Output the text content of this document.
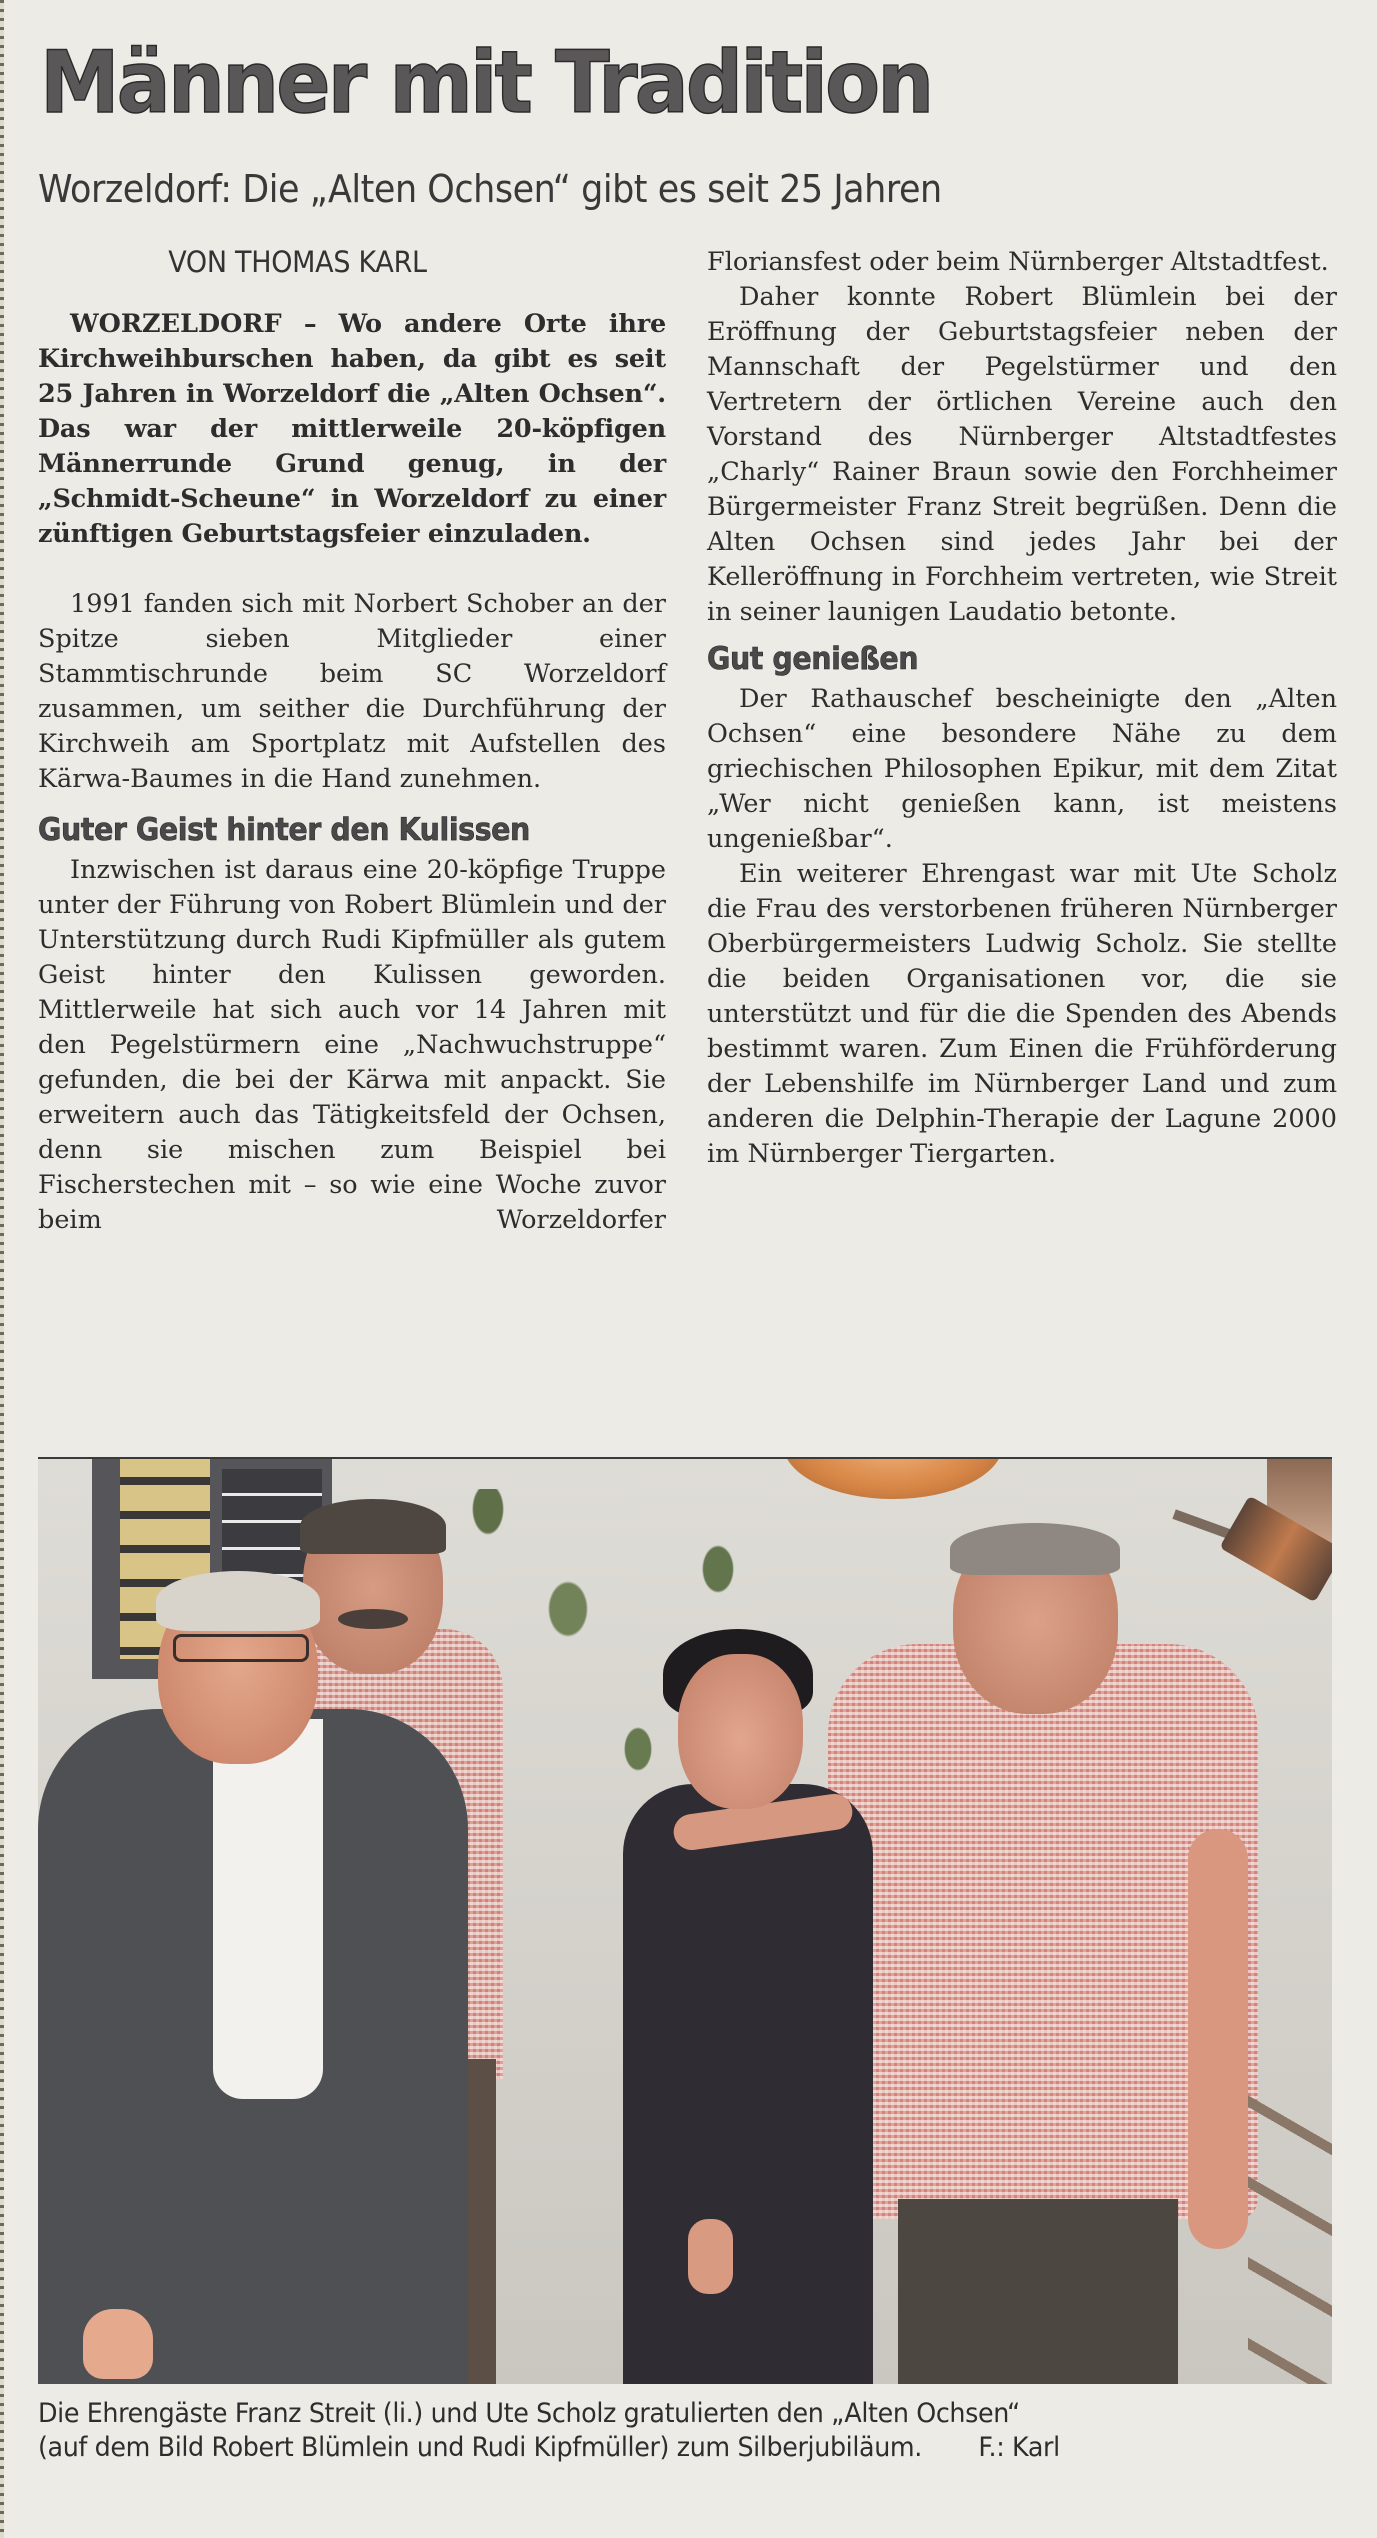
Männer mit Tradition
Worzeldorf: Die „Alten Ochsen“ gibt es seit 25 Jahren
VON THOMAS KARL

WORZELDORF – Wo andere Orte ihre Kirchweihburschen haben, da gibt es seit 25 Jahren in Worzeldorf die „Alten Ochsen“. Das war der mittlerweile 20-köpfigen Männerrunde Grund genug, in der „Schmidt-Scheune“ in Worzeldorf zu einer zünftigen Geburtstagsfeier einzuladen.

1991 fanden sich mit Norbert Schober an der Spitze sieben Mitglieder einer Stammtischrunde beim SC Worzeldorf zusammen, um seither die Durchführung der Kirchweih am Sportplatz mit Aufstellen des Kärwa-Baumes in die Hand zunehmen.

Guter Geist hinter den Kulissen

Inzwischen ist daraus eine 20-köpfige Truppe unter der Führung von Robert Blümlein und der Unterstützung durch Rudi Kipfmüller als gutem Geist hinter den Kulissen geworden. Mittlerweile hat sich auch vor 14 Jahren mit den Pegelstürmern eine „Nachwuchstruppe“ gefunden, die bei der Kärwa mit anpackt. Sie erweitern auch das Tätigkeitsfeld der Ochsen, denn sie mischen zum Beispiel bei Fischerstechen mit – so wie eine Woche zuvor beim Worzeldorfer

Floriansfest oder beim Nürnberger Altstadtfest.

Daher konnte Robert Blümlein bei der Eröffnung der Geburtstagsfeier neben der Mannschaft der Pegelstürmer und den Vertretern der örtlichen Vereine auch den Vorstand des Nürnberger Altstadtfestes „Charly“ Rainer Braun sowie den Forchheimer Bürgermeister Franz Streit begrüßen. Denn die Alten Ochsen sind jedes Jahr bei der Kelleröffnung in Forchheim vertreten, wie Streit in seiner launigen Laudatio betonte.

Gut genießen

Der Rathauschef bescheinigte den „Alten Ochsen“ eine besondere Nähe zu dem griechischen Philosophen Epikur, mit dem Zitat „Wer nicht genießen kann, ist meistens ungenießbar“.

Ein weiterer Ehrengast war mit Ute Scholz die Frau des verstorbenen früheren Nürnberger Oberbürgermeisters Ludwig Scholz. Sie stellte die beiden Organisationen vor, die sie unterstützt und für die die Spenden des Abends bestimmt waren. Zum Einen die Frühförderung der Lebenshilfe im Nürnberger Land und zum anderen die Delphin-Therapie der Lagune 2000 im Nürnberger Tiergarten.

Die Ehrengäste Franz Streit (li.) und Ute Scholz gratulierten den „Alten Ochsen“
(auf dem Bild Robert Blümlein und Rudi Kipfmüller) zum Silberjubiläum. F.: Karl
